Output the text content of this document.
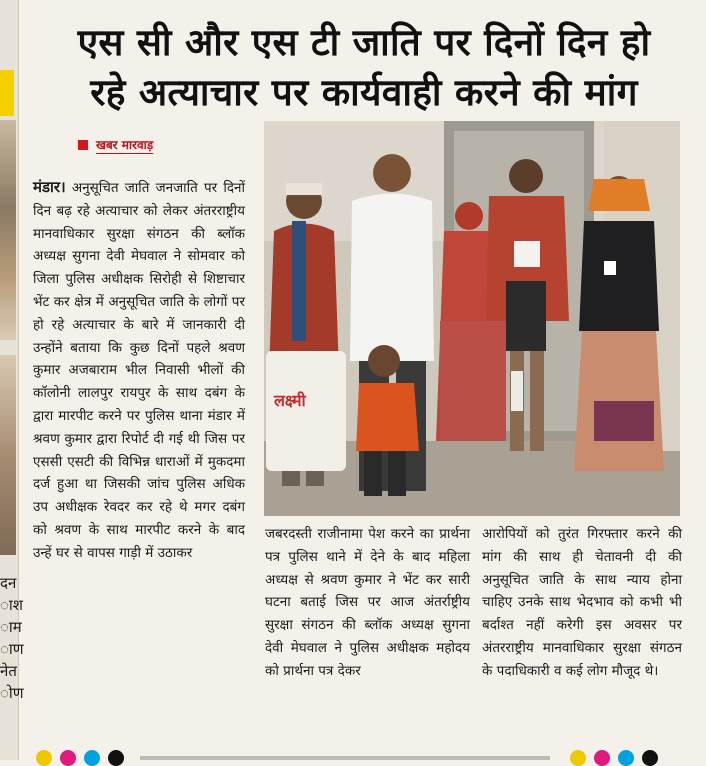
दन
ाश
ाम
ाण
नेत
ोण
एस सी और एस टी जाति पर दिनों दिन हो
रहे अत्याचार पर कार्यवाही करने की मांग
खबर मारवाड़
मंडार। अनुसूचित जाति जनजाति पर दिनों दिन बढ़ रहे अत्याचार को लेकर अंतरराष्ट्रीय मानवाधिकार सुरक्षा संगठन की ब्लॉक अध्यक्ष सुगना देवी मेघवाल ने सोमवार को जिला पुलिस अधीक्षक सिरोही से शिष्टाचार भेंट कर क्षेत्र में अनुसूचित जाति के लोगों पर हो रहे अत्याचार के बारे में जानकारी दी उन्होंने बताया कि कुछ दिनों पहले श्रवण कुमार अजबाराम भील निवासी भीलों की कॉलोनी लालपुर रायपुर के साथ दबंग के द्वारा मारपीट करने पर पुलिस थाना मंडार में श्रवण कुमार द्वारा रिपोर्ट दी गई थी जिस पर एससी एसटी की विभिन्न धाराओं में मुकदमा दर्ज हुआ था जिसकी जांच पुलिस अधिक उप अधीक्षक रेवदर कर रहे थे मगर दबंग को श्रवण के साथ मारपीट करने के बाद उन्हें घर से वापस गाड़ी में उठाकर
लक्ष्मी
जबरदस्ती राजीनामा पेश करने का प्रार्थना पत्र पुलिस थाने में देने के बाद महिला अध्यक्ष से श्रवण कुमार ने भेंट कर सारी घटना बताई जिस पर आज अंतर्राष्ट्रीय सुरक्षा संगठन की ब्लॉक अध्यक्ष सुगना देवी मेघवाल ने पुलिस अधीक्षक महोदय को प्रार्थना पत्र देकर
आरोपियों को तुरंत गिरफ्तार करने की मांग की साथ ही चेतावनी दी की अनुसूचित जाति के साथ न्याय होना चाहिए उनके साथ भेदभाव को कभी भी बर्दाश्त नहीं करेगी इस अवसर पर अंतरराष्ट्रीय मानवाधिकार सुरक्षा संगठन के पदाधिकारी व कई लोग मौजूद थे।
